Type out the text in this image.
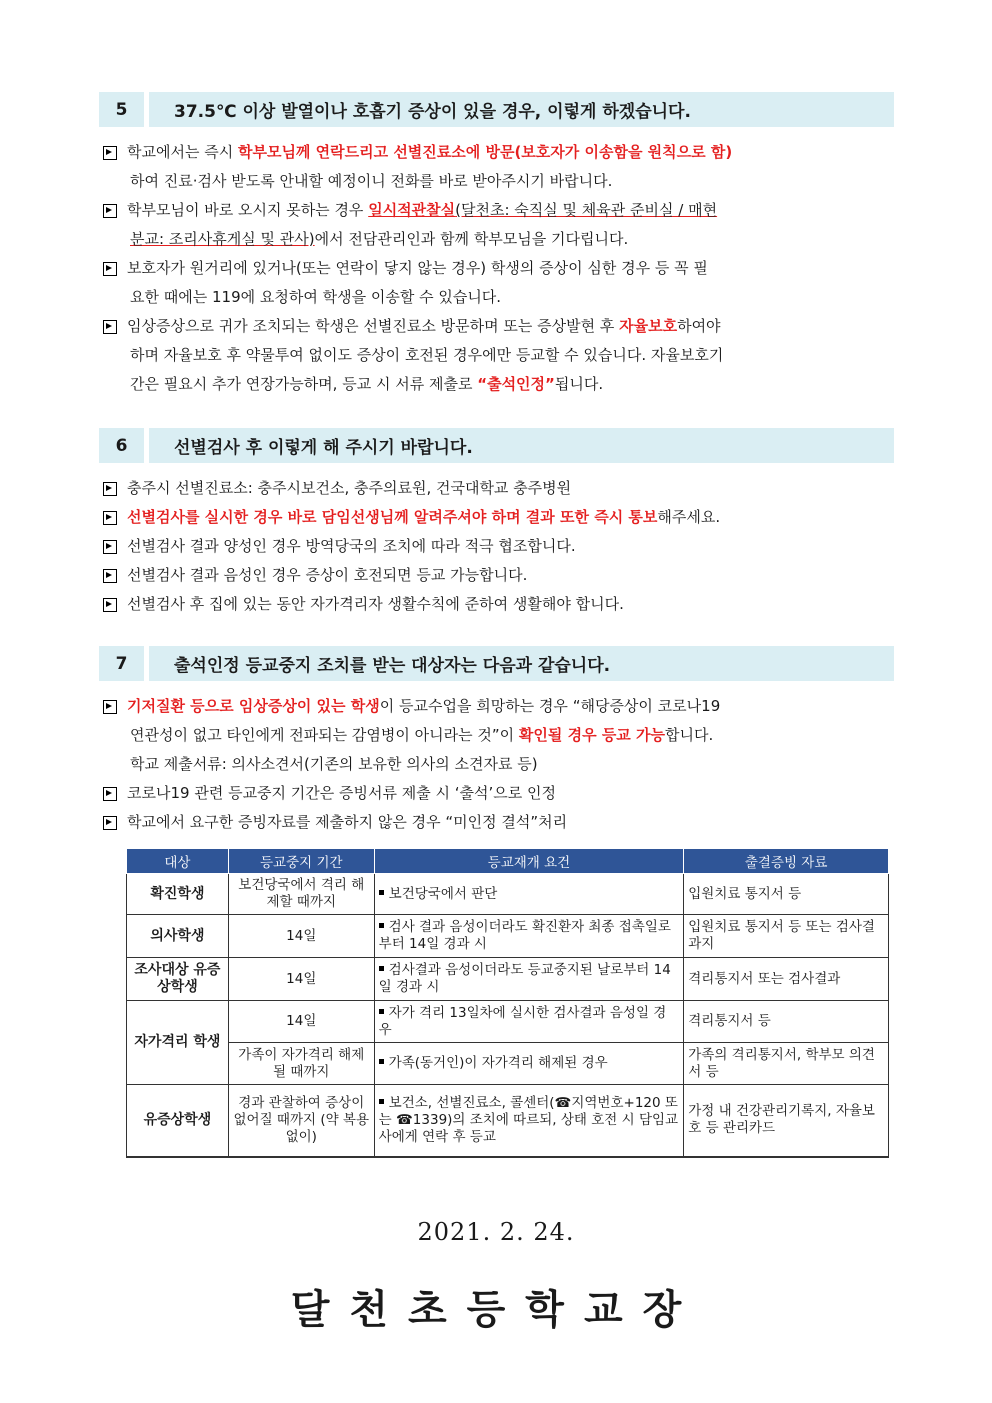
5	37.5℃ 이상 발열이나 호흡기 증상이 있을 경우, 이렇게 하겠습니다.
학교에서는 즉시 학부모님께 연락드리고 선별진료소에 방문(보호자가 이송함을 원칙으로 함)
하여 진료·검사 받도록 안내할 예정이니 전화를 바로 받아주시기 바랍니다.
학부모님이 바로 오시지 못하는 경우 일시적관찰실(달천초: 숙직실 및 체육관 준비실 / 매현
분교: 조리사휴게실 및 관사)에서 전담관리인과 함께 학부모님을 기다립니다.
보호자가 원거리에 있거나(또는 연락이 닿지 않는 경우) 학생의 증상이 심한 경우 등 꼭 필
요한 때에는 119에 요청하여 학생을 이송할 수 있습니다.
임상증상으로 귀가 조치되는 학생은 선별진료소 방문하며 또는 증상발현 후 자율보호하여야
하며 자율보호 후 약물투여 없이도 증상이 호전된 경우에만 등교할 수 있습니다. 자율보호기
간은 필요시 추가 연장가능하며, 등교 시 서류 제출로 “출석인정”됩니다.
6	선별검사 후 이렇게 해 주시기 바랍니다.
충주시 선별진료소: 충주시보건소, 충주의료원, 건국대학교 충주병원
선별검사를 실시한 경우 바로 담임선생님께 알려주셔야 하며 결과 또한 즉시 통보해주세요.
선별검사 결과 양성인 경우 방역당국의 조치에 따라 적극 협조합니다.
선별검사 결과 음성인 경우 증상이 호전되면 등교 가능합니다.
선별검사 후 집에 있는 동안 자가격리자 생활수칙에 준하여 생활해야 합니다.
7	출석인정 등교중지 조치를 받는 대상자는 다음과 같습니다.
기저질환 등으로 임상증상이 있는 학생이 등교수업을 희망하는 경우 “해당증상이 코로나19
연관성이 없고 타인에게 전파되는 감염병이 아니라는 것”이 확인될 경우 등교 가능합니다.
학교 제출서류: 의사소견서(기존의 보유한 의사의 소견자료 등)
코로나19 관련 등교중지 기간은 증빙서류 제출 시 ‘출석’으로 인정
학교에서 요구한 증빙자료를 제출하지 않은 경우 “미인정 결석”처리
대상	등교중지 기간	등교재개 요건	출결증빙 자료
확진학생	보건당국에서 격리 해제할 때까지	보건당국에서 판단	입원치료 통지서 등
의사학생	14일	검사 결과 음성이더라도 확진환자 최종 접촉일로부터 14일 경과 시	입원치료 통지서 등 또는 검사결과지
조사대상 유증상학생	14일	검사결과 음성이더라도 등교중지된 날로부터 14일 경과 시	격리통지서 또는 검사결과
자가격리 학생	14일	자가 격리 13일차에 실시한 검사결과 음성일 경우	격리통지서 등
	가족이 자가격리 해제될 때까지	가족(동거인)이 자가격리 해제된 경우	가족의 격리통지서, 학부모 의견서 등
유증상학생	경과 관찰하여 증상이 없어질 때까지 (약 복용없이)	보건소, 선별진료소, 콜센터(☎지역번호+120 또는 ☎1339)의 조치에 따르되, 상태 호전 시 담임교사에게 연락 후 등교	가정 내 건강관리기록지, 자율보호 등 관리카드
2021. 2. 24.
달천초등학교장
